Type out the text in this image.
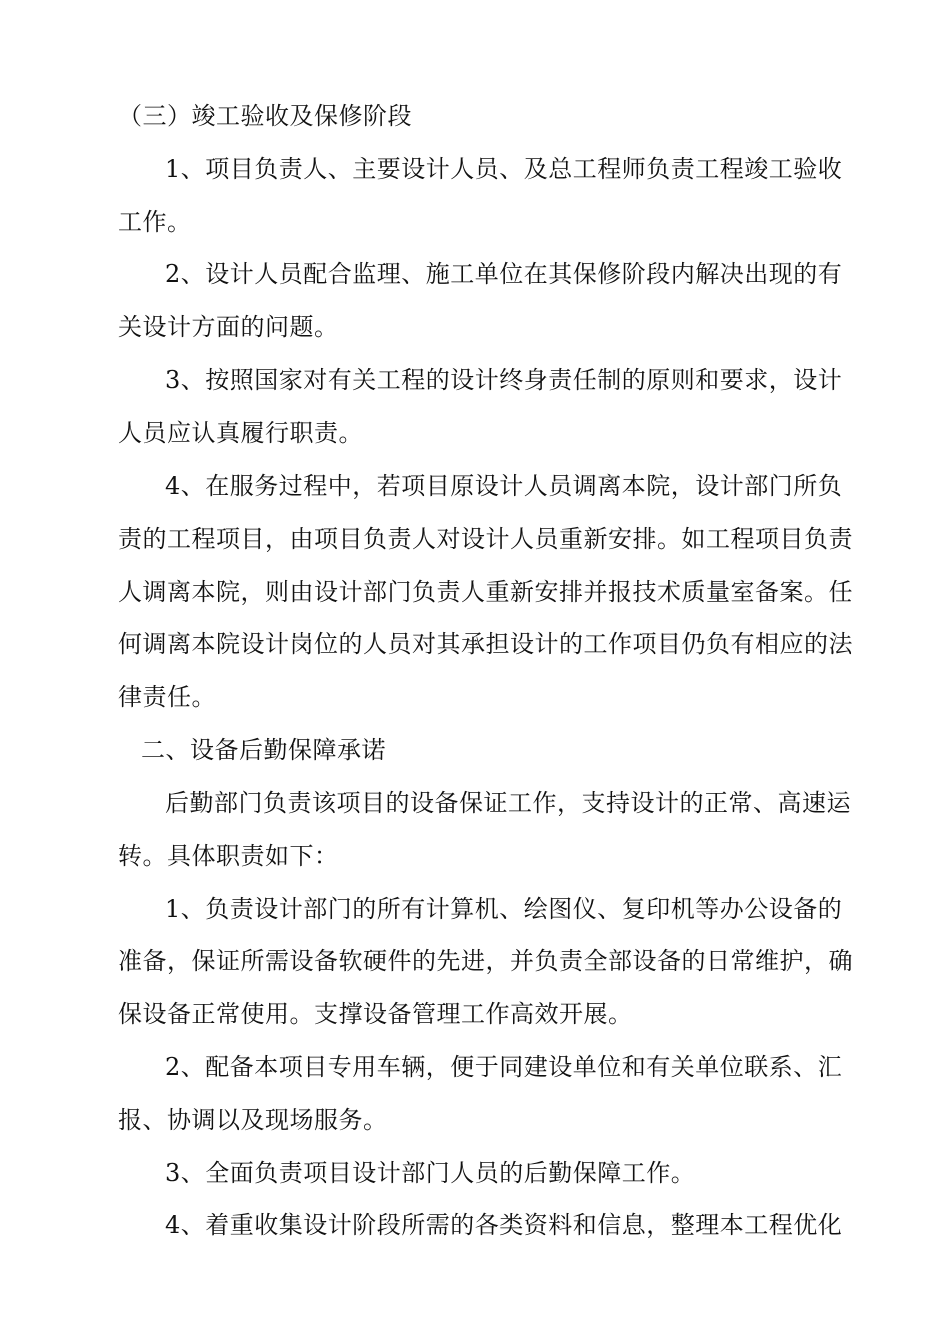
（三）竣工验收及保修阶段

1、项目负责人、主要设计人员、及总工程师负责工程竣工验收

工作。

2、设计人员配合监理、施工单位在其保修阶段内解决出现的有

关设计方面的问题。

3、按照国家对有关工程的设计终身责任制的原则和要求，设计

人员应认真履行职责。

4、在服务过程中，若项目原设计人员调离本院，设计部门所负

责的工程项目，由项目负责人对设计人员重新安排。如工程项目负责

人调离本院，则由设计部门负责人重新安排并报技术质量室备案。任

何调离本院设计岗位的人员对其承担设计的工作项目仍负有相应的法

律责任。

二、设备后勤保障承诺

后勤部门负责该项目的设备保证工作，支持设计的正常、高速运

转。具体职责如下：

1、负责设计部门的所有计算机、绘图仪、复印机等办公设备的

准备，保证所需设备软硬件的先进，并负责全部设备的日常维护，确

保设备正常使用。支撑设备管理工作高效开展。

2、配备本项目专用车辆，便于同建设单位和有关单位联系、汇

报、协调以及现场服务。

3、全面负责项目设计部门人员的后勤保障工作。

4、着重收集设计阶段所需的各类资料和信息，整理本工程优化
